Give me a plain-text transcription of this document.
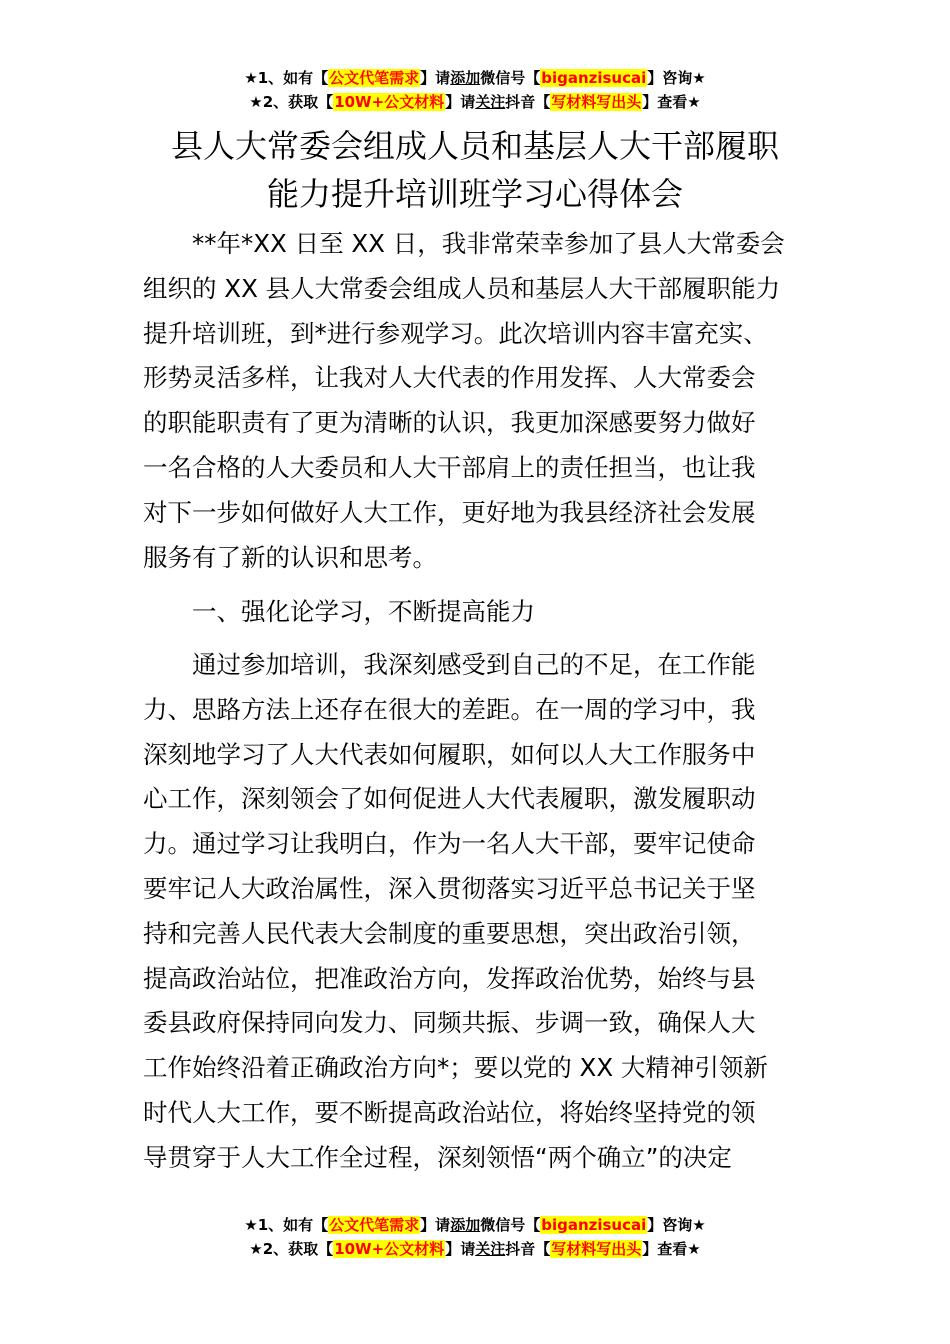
★1、如有【公文代笔需求】请添加微信号【biganzisucai】咨询★
★2、获取【10W+公文材料】请关注抖音【写材料写出头】查看★
县人大常委会组成人员和基层人大干部履职
能力提升培训班学习心得体会
**年*XX 日至 XX 日，我非常荣幸参加了县人大常委会
组织的 XX 县人大常委会组成人员和基层人大干部履职能力
提升培训班，到*进行参观学习。此次培训内容丰富充实、
形势灵活多样，让我对人大代表的作用发挥、人大常委会
的职能职责有了更为清晰的认识，我更加深感要努力做好
一名合格的人大委员和人大干部肩上的责任担当，也让我
对下一步如何做好人大工作，更好地为我县经济社会发展
服务有了新的认识和思考。
一、强化论学习，不断提高能力
通过参加培训，我深刻感受到自己的不足，在工作能
力、思路方法上还存在很大的差距。在一周的学习中，我
深刻地学习了人大代表如何履职，如何以人大工作服务中
心工作，深刻领会了如何促进人大代表履职，激发履职动
力。通过学习让我明白，作为一名人大干部，要牢记使命
要牢记人大政治属性，深入贯彻落实习近平总书记关于坚
持和完善人民代表大会制度的重要思想，突出政治引领，
提高政治站位，把准政治方向，发挥政治优势，始终与县
委县政府保持同向发力、同频共振、步调一致，确保人大
工作始终沿着正确政治方向*；要以党的 XX 大精神引领新
时代人大工作，要不断提高政治站位，将始终坚持党的领
导贯穿于人大工作全过程，深刻领悟“两个确立”的决定
★1、如有【公文代笔需求】请添加微信号【biganzisucai】咨询★
★2、获取【10W+公文材料】请关注抖音【写材料写出头】查看★
